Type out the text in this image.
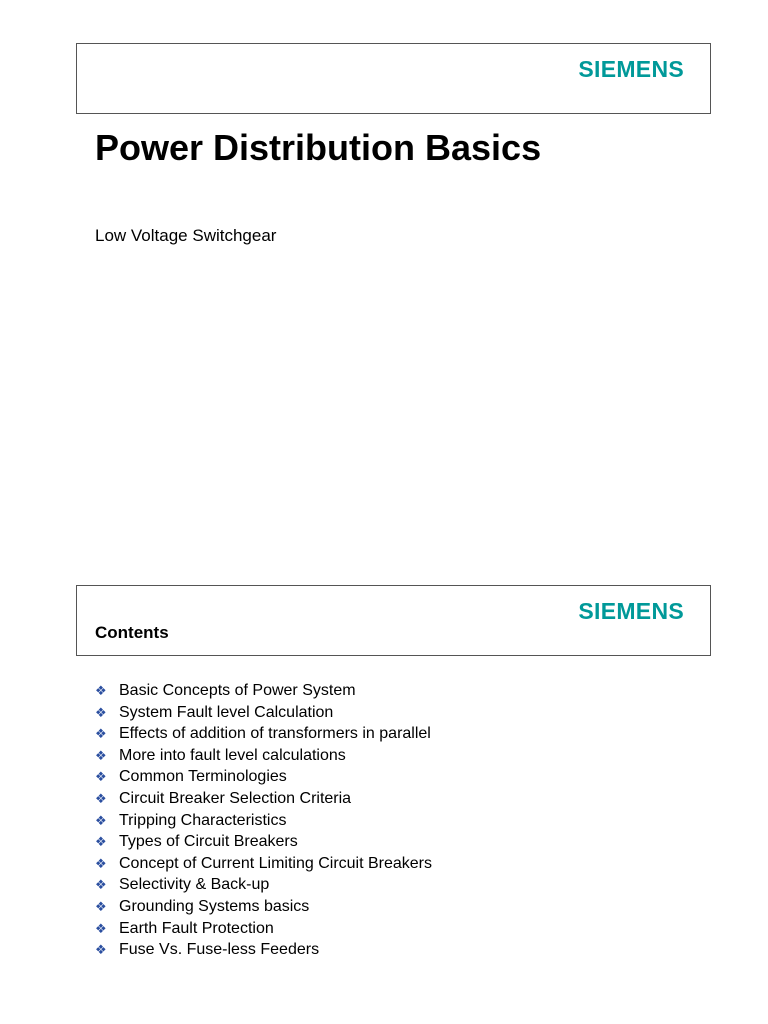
SIEMENS
Power Distribution Basics

Low Voltage Switchgear

SIEMENS
Contents
❖ Basic Concepts of Power System
❖ System Fault level Calculation
❖ Effects of addition of transformers in parallel
❖ More into fault level calculations
❖ Common Terminologies
❖ Circuit Breaker Selection Criteria
❖ Tripping Characteristics
❖ Types of Circuit Breakers
❖ Concept of Current Limiting Circuit Breakers
❖ Selectivity & Back-up
❖ Grounding Systems basics
❖ Earth Fault Protection
❖ Fuse Vs. Fuse-less Feeders
